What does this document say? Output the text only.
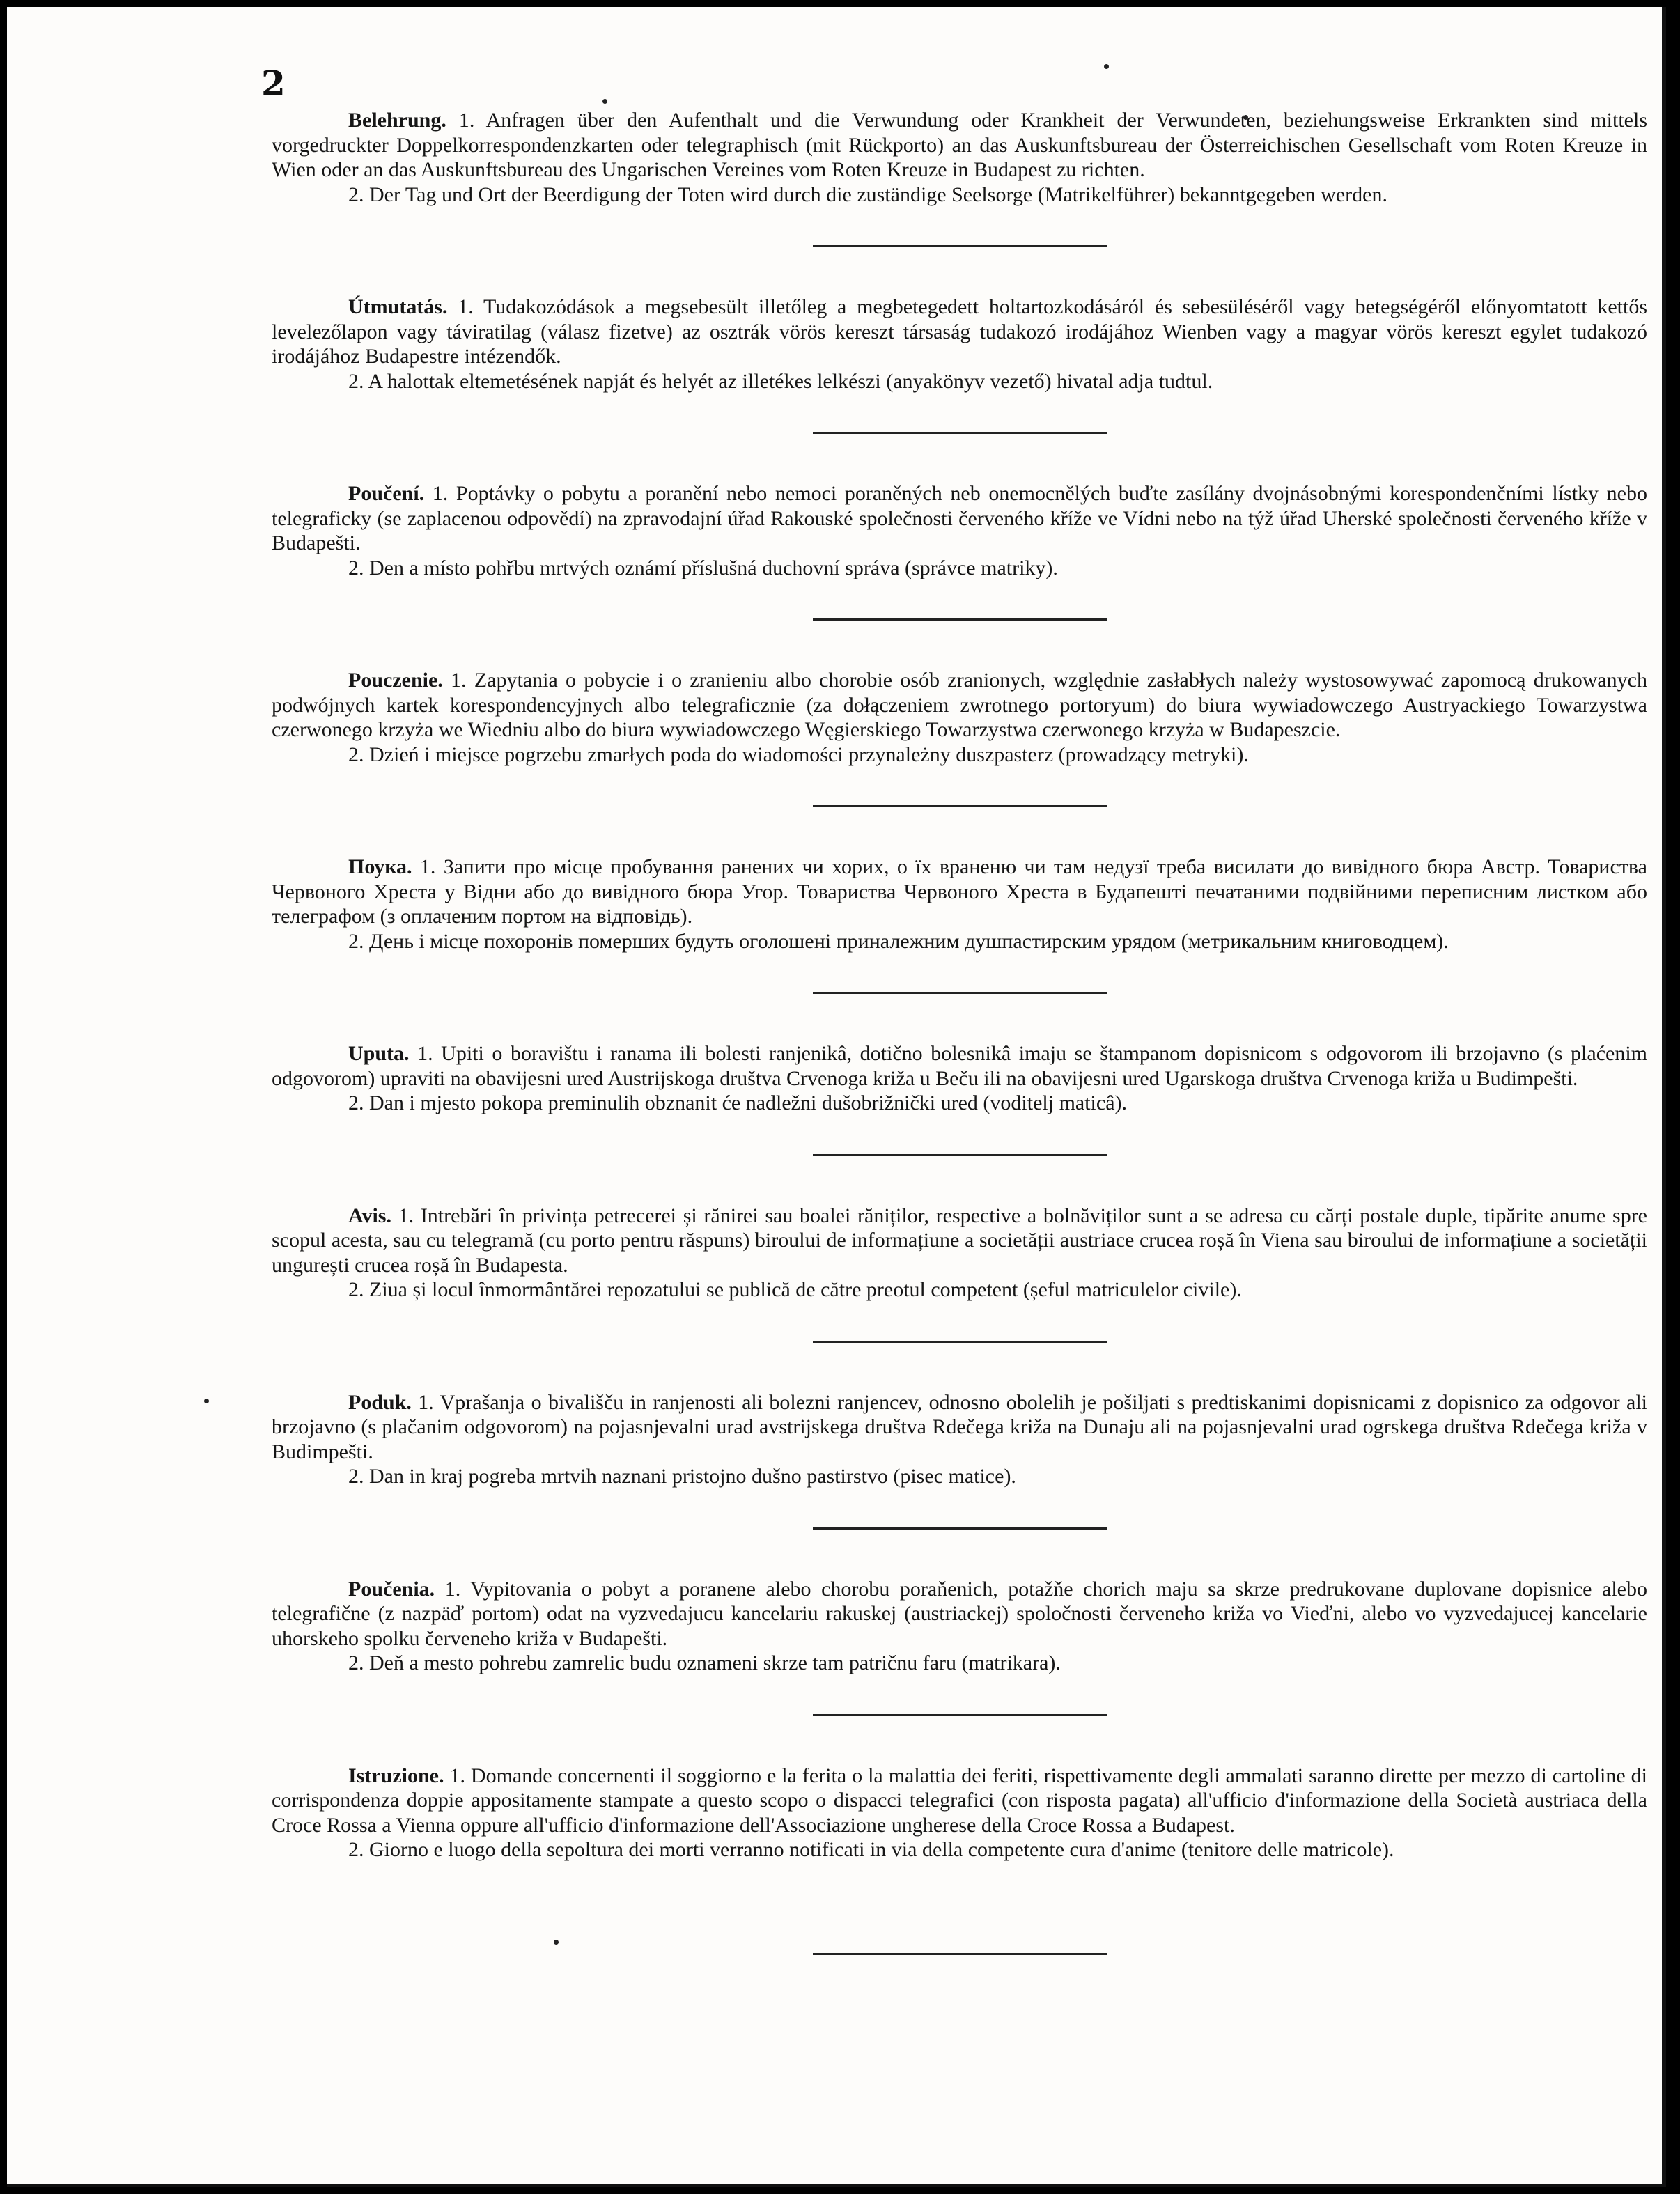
2

Belehrung. 1. Anfragen über den Aufenthalt und die Verwundung oder Krankheit der Verwundeten, beziehungsweise Erkrankten sind mittels vorgedruckter Doppelkorrespondenzkarten oder telegraphisch (mit Rückporto) an das Auskunftsbureau der Österreichischen Gesellschaft vom Roten Kreuze in Wien oder an das Auskunftsbureau des Ungarischen Vereines vom Roten Kreuze in Budapest zu richten.

2. Der Tag und Ort der Beerdigung der Toten wird durch die zuständige Seelsorge (Matrikelführer) bekanntgegeben werden.

Útmutatás. 1. Tudakozódások a megsebesült illetőleg a megbetegedett holtartozkodásáról és sebesüléséről vagy betegségéről előnyomtatott kettős levelezőlapon vagy táviratilag (válasz fizetve) az osztrák vörös kereszt társaság tudakozó irodájához Wienben vagy a magyar vörös kereszt egylet tudakozó irodájához Budapestre intézendők.

2. A halottak eltemetésének napját és helyét az illetékes lelkészi (anyakönyv vezető) hivatal adja tudtul.

Poučení. 1. Poptávky o pobytu a poranění nebo nemoci poraněných neb onemocnělých buďte zasílány dvojnásobnými korespondenčními lístky nebo telegraficky (se zaplacenou odpovědí) na zpravodajní úřad Rakouské společnosti červeného kříže ve Vídni nebo na týž úřad Uherské společnosti červeného kříže v Budapešti.

2. Den a místo pohřbu mrtvých oznámí příslušná duchovní správa (správce matriky).

Pouczenie. 1. Zapytania o pobycie i o zranieniu albo chorobie osób zranionych, względnie zasłabłych należy wystosowywać zapomocą drukowanych podwójnych kartek korespondencyjnych albo telegraficznie (za dołączeniem zwrotnego portoryum) do biura wywiadowczego Austryackiego Towarzystwa czerwonego krzyża we Wiedniu albo do biura wywiadowczego Węgierskiego Towarzystwa czerwonego krzyża w Budapeszcie.

2. Dzień i miejsce pogrzebu zmarłych poda do wiadomości przynależny duszpasterz (prowadzący metryki).

Поука. 1. Запити про місце пробування ранених чи хорих, о їх враненю чи там недузї треба висилати до вивідного бюра Австр. Товариства Червоного Хреста у Відни або до вивідного бюра Угор. Товариства Червоного Хреста в Будапешті печатаними подвійними переписним листком або телеграфом (з оплаченим портом на відповідь).

2. День і місце похоронів померших будуть оголошені приналежним душпастирским урядом (метрикальним книговодцем).

Uputa. 1. Upiti o boravištu i ranama ili bolesti ranjenikâ, dotično bolesnikâ imaju se štampanom dopisnicom s odgovorom ili brzojavno (s plaćenim odgovorom) upraviti na obavijesni ured Austrijskoga društva Crvenoga križa u Beču ili na obavijesni ured Ugarskoga društva Crvenoga križa u Budimpešti.

2. Dan i mjesto pokopa preminulih obznanit će nadležni dušobrižnički ured (voditelj maticâ).

Avis. 1. Intrebări în privința petrecerei și rănirei sau boalei răniților, respective a bolnăviților sunt a se adresa cu cărți postale duple, tipărite anume spre scopul acesta, sau cu telegramă (cu porto pentru răspuns) biroului de informațiune a societății austriace crucea roșă în Viena sau biroului de informațiune a societății ungurești crucea roșă în Budapesta.

2. Ziua și locul înmormântărei repozatului se publică de către preotul competent (șeful matriculelor civile).

Poduk. 1. Vprašanja o bivališču in ranjenosti ali bolezni ranjencev, odnosno obolelih je pošiljati s predtiskanimi dopisnicami z dopisnico za odgovor ali brzojavno (s plačanim odgovorom) na pojasnjevalni urad avstrijskega društva Rdečega križa na Dunaju ali na pojasnjevalni urad ogrskega društva Rdečega križa v Budimpešti.

2. Dan in kraj pogreba mrtvih naznani pristojno dušno pastirstvo (pisec matice).

Poučenia. 1. Vypitovania o pobyt a poranene alebo chorobu poraňenich, potažňe chorich maju sa skrze predrukovane duplovane dopisnice alebo telegrafične (z nazpäď portom) odat na vyzvedajucu kancelariu rakuskej (austriackej) spoločnosti červeneho križa vo Vieďni, alebo vo vyzvedajucej kancelarie uhorskeho spolku červeneho križa v Budapešti.

2. Deň a mesto pohrebu zamrelic budu oznameni skrze tam patričnu faru (matrikara).

Istruzione. 1. Domande concernenti il soggiorno e la ferita o la malattia dei feriti, rispettivamente degli ammalati saranno dirette per mezzo di cartoline di corrispondenza doppie appositamente stampate a questo scopo o dispacci telegrafici (con risposta pagata) all'ufficio d'informazione della Società austriaca della Croce Rossa a Vienna oppure all'ufficio d'informazione dell'Associazione ungherese della Croce Rossa a Budapest.

2. Giorno e luogo della sepoltura dei morti verranno notificati in via della competente cura d'anime (tenitore delle matricole).
